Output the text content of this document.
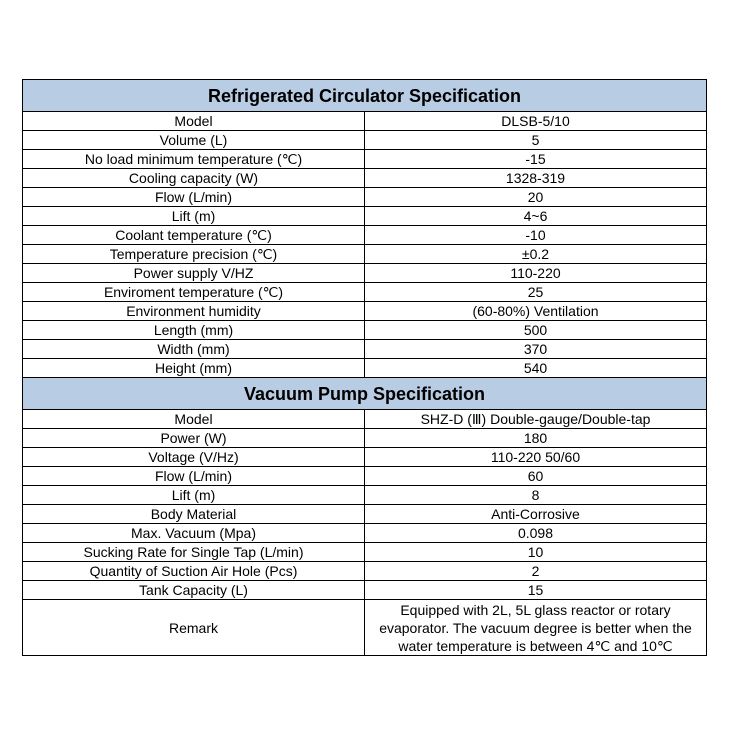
Refrigerated Circulator Specification	
Model	DLSB-5/10
Volume (L)	5
No load minimum temperature (℃)	-15
Cooling capacity (W)	1328-319
Flow (L/min)	20
Lift (m)	4~6
Coolant temperature (℃)	-10
Temperature precision (℃)	±0.2
Power supply V/HZ	110-220
Enviroment temperature (℃)	25
Environment humidity	(60-80%) Ventilation
Length (mm)	500
Width (mm)	370
Height (mm)	540
Vacuum Pump Specification	
Model	SHZ-D (Ⅲ) Double-gauge/Double-tap
Power (W)	180
Voltage (V/Hz)	110-220 50/60
Flow (L/min)	60
Lift (m)	8
Body Material	Anti-Corrosive
Max. Vacuum (Mpa)	0.098
Sucking Rate for Single Tap (L/min)	10
Quantity of Suction Air Hole (Pcs)	2
Tank Capacity (L)	15
Remark	Equipped with 2L, 5L glass reactor or rotary evaporator. The vacuum degree is better when the water temperature is between 4℃ and 10℃
